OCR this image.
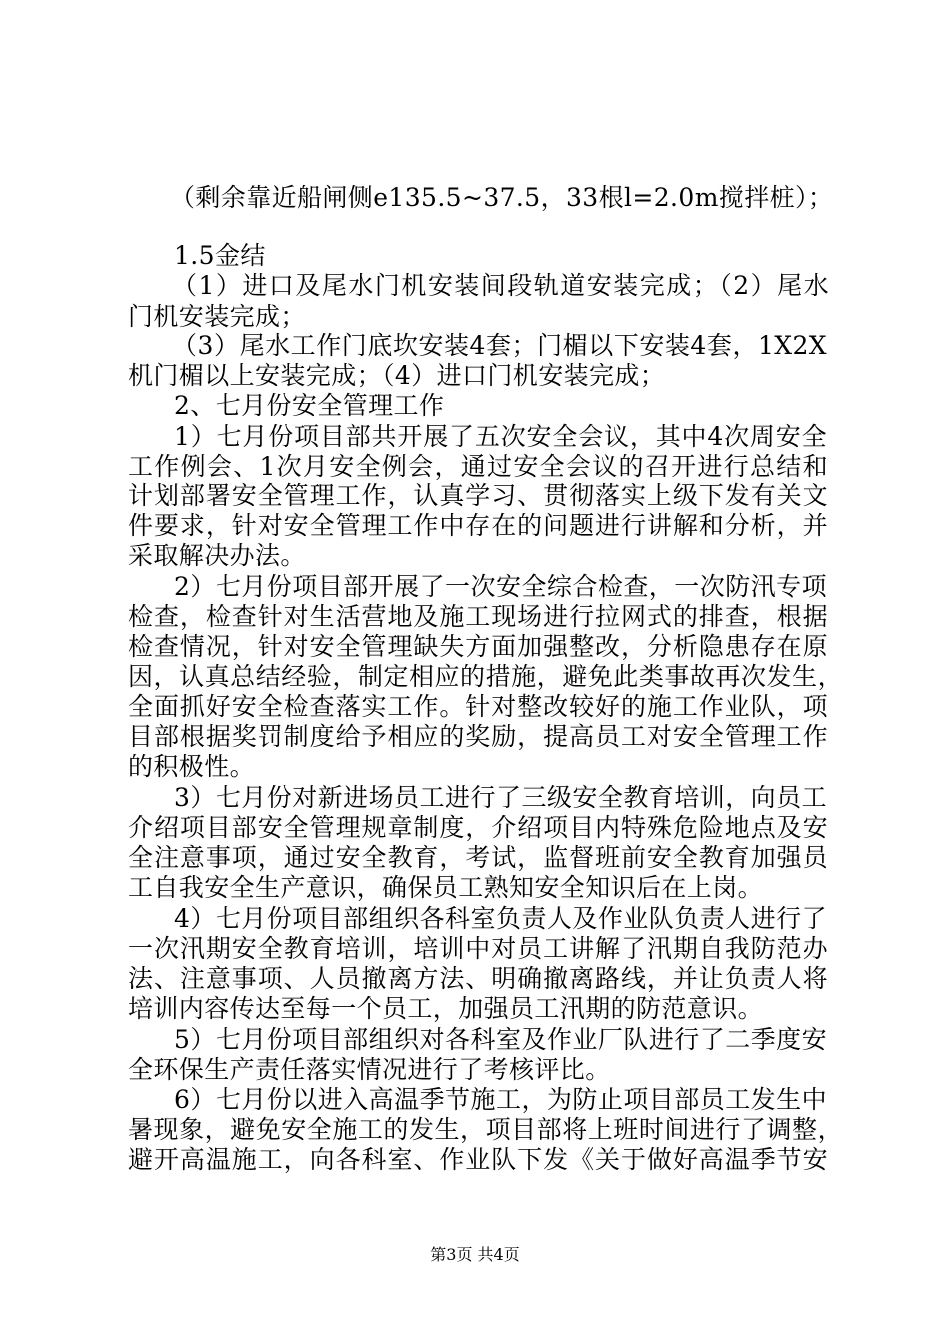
（剩余靠近船闸侧e135.5~37.5，33根l=2.0m搅拌桩）；
1.5金结
（1）进口及尾水门机安装间段轨道安装完成；（2）尾水
门机安装完成；
（3）尾水工作门底坎安装4套；门楣以下安装4套，1X2X
机门楣以上安装完成；（4）进口门机安装完成；
2、七月份安全管理工作
1）七月份项目部共开展了五次安全会议，其中4次周安全
工作例会、1次月安全例会，通过安全会议的召开进行总结和
计划部署安全管理工作，认真学习、贯彻落实上级下发有关文
件要求，针对安全管理工作中存在的问题进行讲解和分析，并
采取解决办法。
2）七月份项目部开展了一次安全综合检查，一次防汛专项
检查，检查针对生活营地及施工现场进行拉网式的排查，根据
检查情况，针对安全管理缺失方面加强整改，分析隐患存在原
因，认真总结经验，制定相应的措施，避免此类事故再次发生，
全面抓好安全检查落实工作。针对整改较好的施工作业队，项
目部根据奖罚制度给予相应的奖励，提高员工对安全管理工作
的积极性。
3）七月份对新进场员工进行了三级安全教育培训，向员工
介绍项目部安全管理规章制度，介绍项目内特殊危险地点及安
全注意事项，通过安全教育，考试，监督班前安全教育加强员
工自我安全生产意识，确保员工熟知安全知识后在上岗。
4）七月份项目部组织各科室负责人及作业队负责人进行了
一次汛期安全教育培训，培训中对员工讲解了汛期自我防范办
法、注意事项、人员撤离方法、明确撤离路线，并让负责人将
培训内容传达至每一个员工，加强员工汛期的防范意识。
5）七月份项目部组织对各科室及作业厂队进行了二季度安
全环保生产责任落实情况进行了考核评比。
6）七月份以进入高温季节施工，为防止项目部员工发生中
暑现象，避免安全施工的发生，项目部将上班时间进行了调整，
避开高温施工，向各科室、作业队下发《关于做好高温季节安
第3页 共4页
